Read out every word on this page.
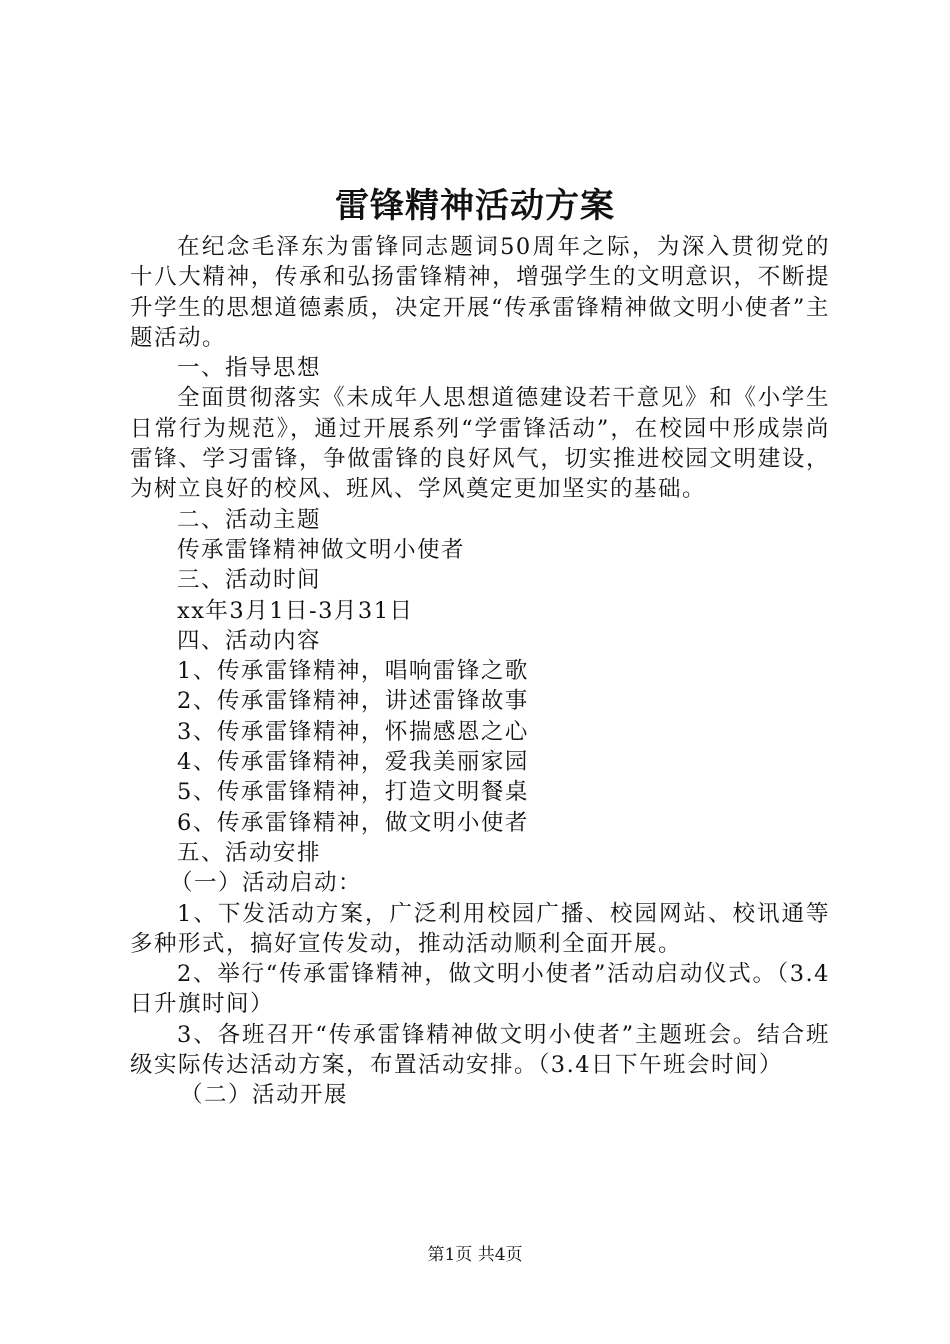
雷锋精神活动方案

在纪念毛泽东为雷锋同志题词50周年之际，为深入贯彻党的十八大精神，传承和弘扬雷锋精神，增强学生的文明意识，不断提升学生的思想道德素质，决定开展“传承雷锋精神做文明小使者”主题活动。

一、指导思想

全面贯彻落实《未成年人思想道德建设若干意见》和《小学生日常行为规范》，通过开展系列“学雷锋活动”，在校园中形成崇尚雷锋、学习雷锋，争做雷锋的良好风气，切实推进校园文明建设，为树立良好的校风、班风、学风奠定更加坚实的基础。

二、活动主题

传承雷锋精神做文明小使者

三、活动时间

xx年3月1日-3月31日

四、活动内容

1、传承雷锋精神，唱响雷锋之歌

2、传承雷锋精神，讲述雷锋故事

3、传承雷锋精神，怀揣感恩之心

4、传承雷锋精神，爱我美丽家园

5、传承雷锋精神，打造文明餐桌

6、传承雷锋精神，做文明小使者

五、活动安排

（一）活动启动：

1、下发活动方案，广泛利用校园广播、校园网站、校讯通等多种形式，搞好宣传发动，推动活动顺利全面开展。

2、举行“传承雷锋精神，做文明小使者”活动启动仪式。（3.4日升旗时间）

3、各班召开“传承雷锋精神做文明小使者”主题班会。结合班级实际传达活动方案，布置活动安排。（3.4日下午班会时间）

（二）活动开展

第1页 共4页
